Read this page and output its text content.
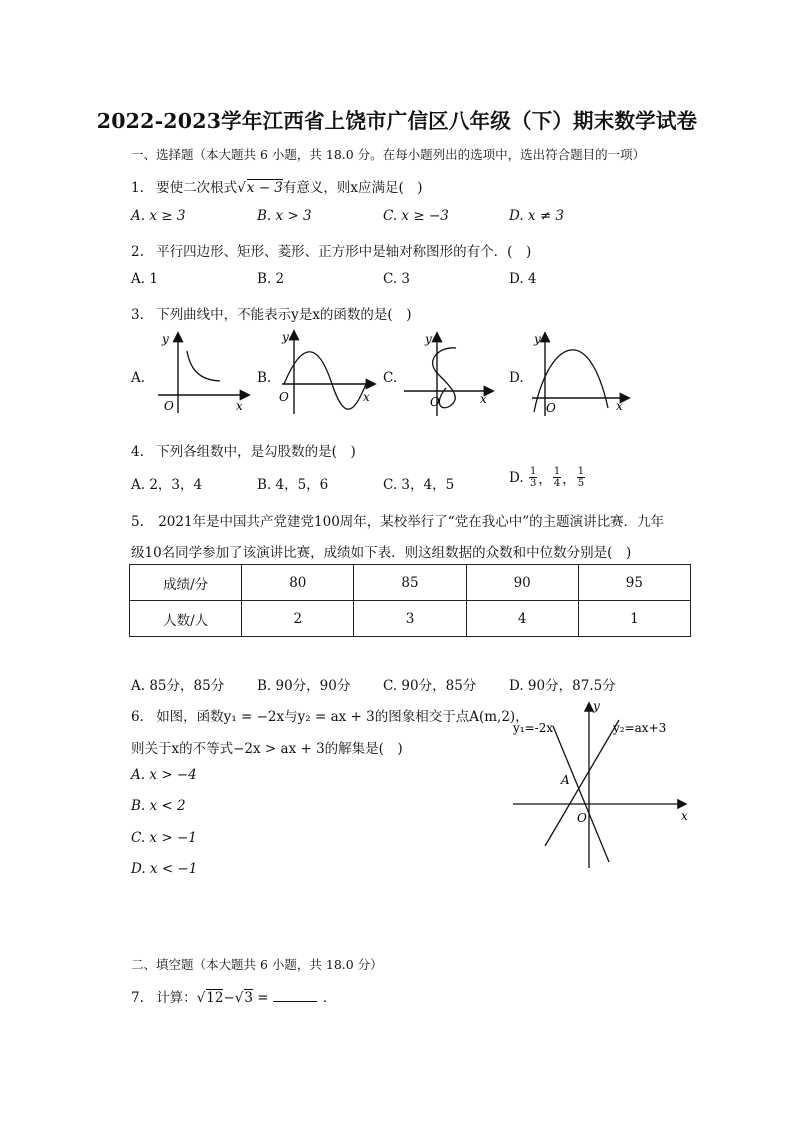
2022-2023学年江西省上饶市广信区八年级（下）期末数学试卷
一、选择题（本大题共 6 小题，共 18.0 分。在每小题列出的选项中，选出符合题目的一项）
1. 要使二次根式√x − 3有意义，则x应满足(　)
A. x ≥ 3	B. x > 3	C. x ≥ −3	D. x ≠ 3
2. 平行四边形、矩形、菱形、正方形中是轴对称图形的有个．(　)
A. 1	B. 2	C. 3	D. 4
3. 下列曲线中，不能表示y是x的函数的是(　)
A.
y
O	x
B.
y
O	x
C.
y
O	x
D.
y
O	x
4. 下列各组数中，是勾股数的是(　)
A. 2，3，4	B. 4，5，6	C. 3，4，5	D. $\frac{1}{3}$ ， $\frac{1}{4}$ ， $\frac{1}{5}$
5. 2021年是中国共产党建党100周年，某校举行了“党在我心中”的主题演讲比赛．九年
级10名同学参加了该演讲比赛，成绩如下表．则这组数据的众数和中位数分别是(　)
成绩/分	80	85	90	95
人数/人	2	3	4	1
A. 85分，85分 B. 90分，90分 C. 90分，85分 D. 90分，87.5分
6. 如图，函数y₁ = −2x与y₂ = ax + 3的图象相交于点A(m,2)，
则关于x的不等式−2x > ax + 3的解集是(　)
A. x > −4
B. x < 2
C. x > −1
D. x < −1
y
x
O
A
y₁=-2x	y₂=ax+3
二、填空题（本大题共 6 小题，共 18.0 分）
7. 计算：√12−√3 =	．
